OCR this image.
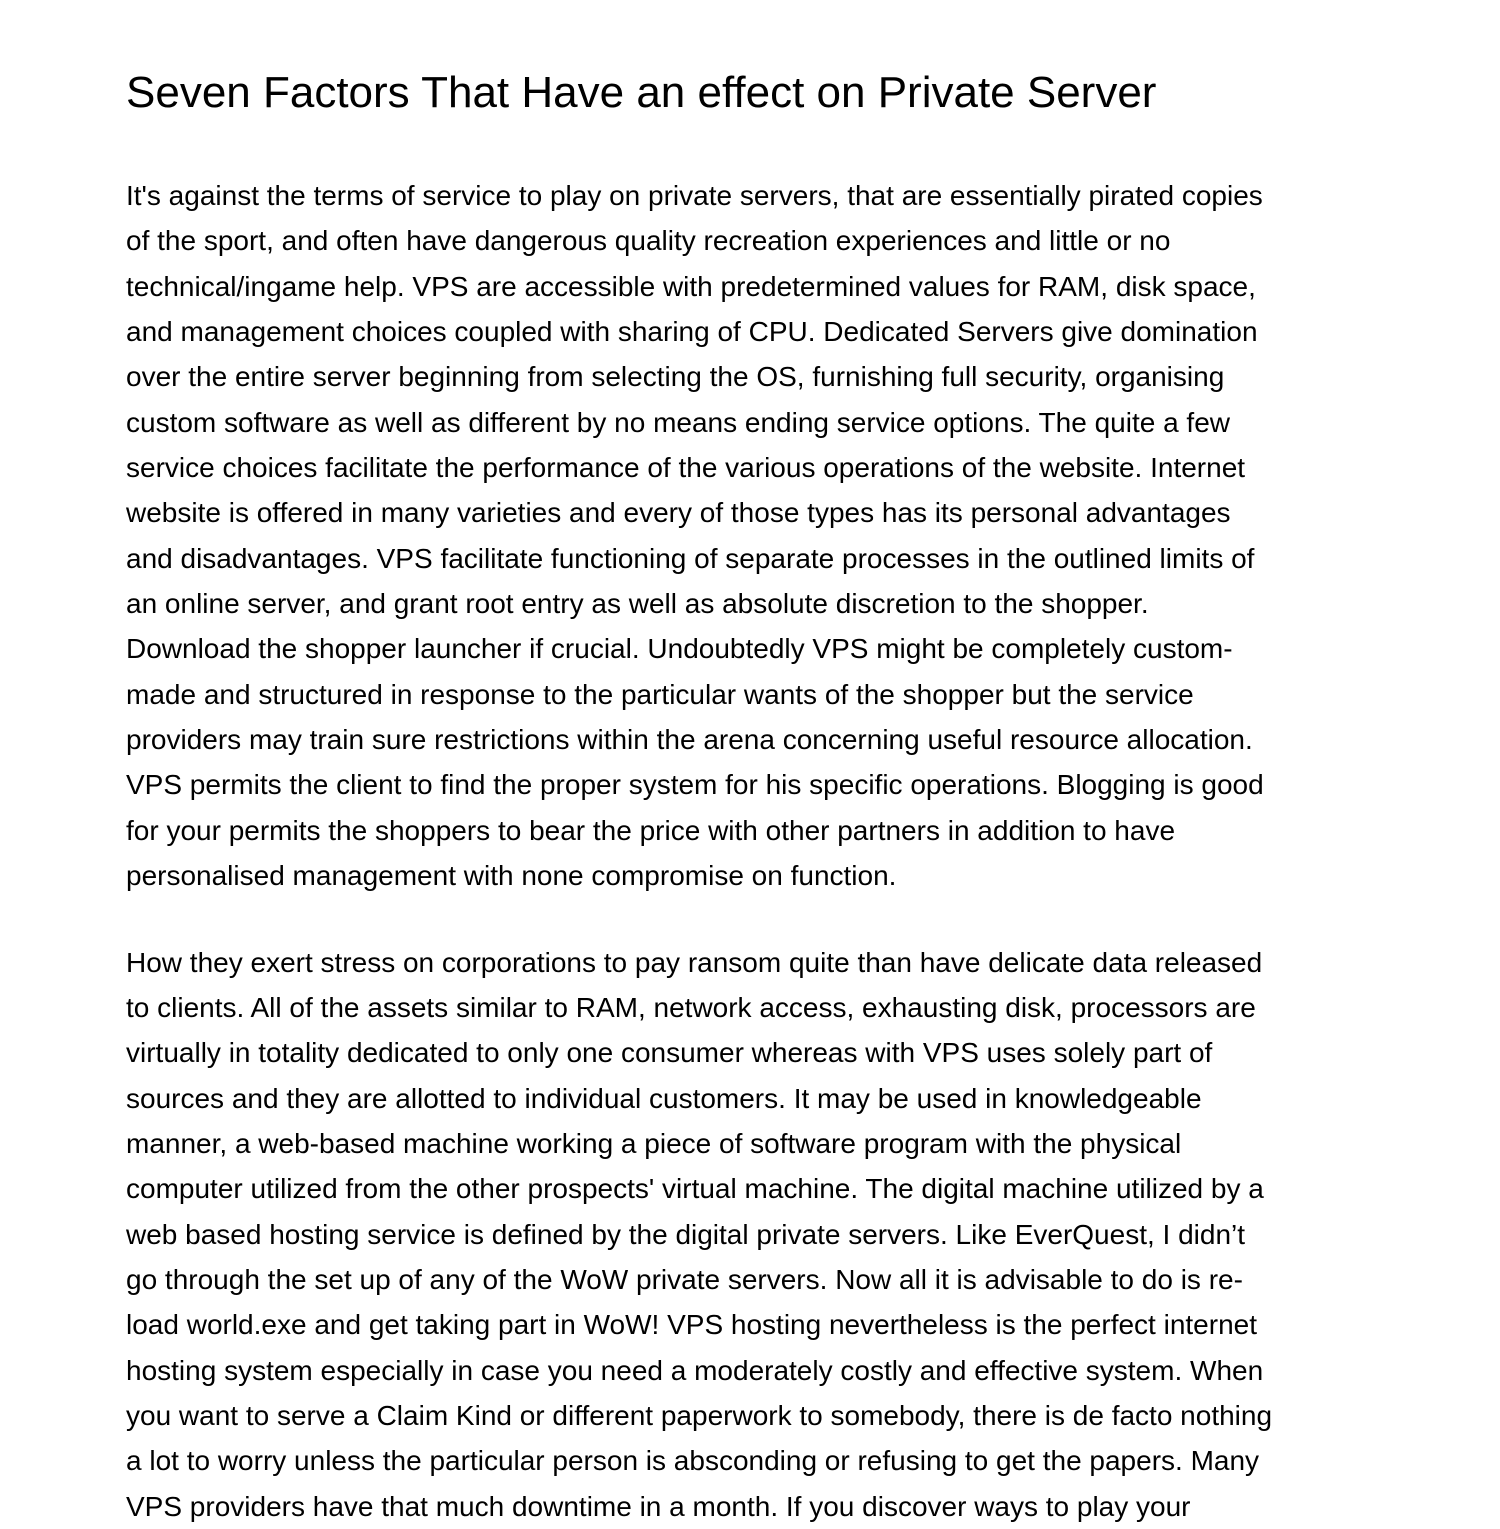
Seven Factors That Have an effect on Private Server

It's against the terms of service to play on private servers, that are essentially pirated copies
of the sport, and often have dangerous quality recreation experiences and little or no
technical/ingame help. VPS are accessible with predetermined values for RAM, disk space,
and management choices coupled with sharing of CPU. Dedicated Servers give domination
over the entire server beginning from selecting the OS, furnishing full security, organising
custom software as well as different by no means ending service options. The quite a few
service choices facilitate the performance of the various operations of the website. Internet
website is offered in many varieties and every of those types has its personal advantages
and disadvantages. VPS facilitate functioning of separate processes in the outlined limits of
an online server, and grant root entry as well as absolute discretion to the shopper.
Download the shopper launcher if crucial. Undoubtedly VPS might be completely custom-
made and structured in response to the particular wants of the shopper but the service
providers may train sure restrictions within the arena concerning useful resource allocation.
VPS permits the client to find the proper system for his specific operations. Blogging is good
for your permits the shoppers to bear the price with other partners in addition to have
personalised management with none compromise on function.

How they exert stress on corporations to pay ransom quite than have delicate data released
to clients. All of the assets similar to RAM, network access, exhausting disk, processors are
virtually in totality dedicated to only one consumer whereas with VPS uses solely part of
sources and they are allotted to individual customers. It may be used in knowledgeable
manner, a web-based machine working a piece of software program with the physical
computer utilized from the other prospects' virtual machine. The digital machine utilized by a
web based hosting service is defined by the digital private servers. Like EverQuest, I didn’t
go through the set up of any of the WoW private servers. Now all it is advisable to do is re-
load world.exe and get taking part in WoW! VPS hosting nevertheless is the perfect internet
hosting system especially in case you need a moderately costly and effective system. When
you want to serve a Claim Kind or different paperwork to somebody, there is de facto nothing
a lot to worry unless the particular person is absconding or refusing to get the papers. Many
VPS providers have that much downtime in a month. If you discover ways to play your
